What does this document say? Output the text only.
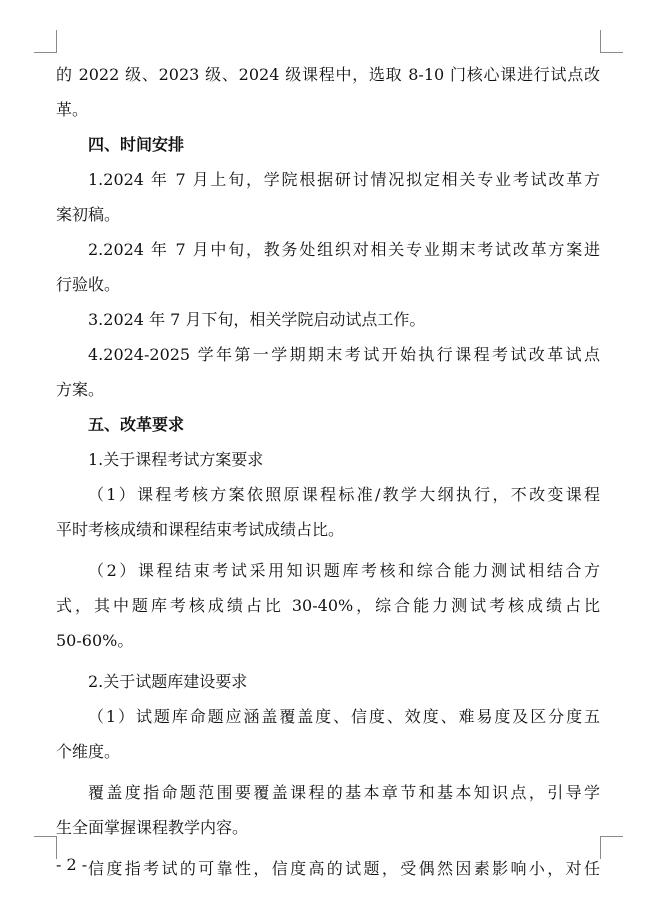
的 2022 级、2023 级、2024 级课程中，选取 8-10 门核心课进行试点改
革。
四、时间安排
1.2024 年 7 月上旬，学院根据研讨情况拟定相关专业考试改革方
案初稿。
2.2024 年 7 月中旬，教务处组织对相关专业期末考试改革方案进
行验收。
3.2024 年 7 月下旬，相关学院启动试点工作。
4.2024-2025 学年第一学期期末考试开始执行课程考试改革试点
方案。
五、改革要求
1.关于课程考试方案要求
（1）课程考核方案依照原课程标准/教学大纲执行，不改变课程
平时考核成绩和课程结束考试成绩占比。
（2）课程结束考试采用知识题库考核和综合能力测试相结合方
式，其中题库考核成绩占比 30-40%，综合能力测试考核成绩占比
50-60%。
2.关于试题库建设要求
（1）试题库命题应涵盖覆盖度、信度、效度、难易度及区分度五
个维度。
覆盖度指命题范围要覆盖课程的基本章节和基本知识点，引导学
生全面掌握课程教学内容。
信度指考试的可靠性，信度高的试题，受偶然因素影响小，对任
- 2 -
